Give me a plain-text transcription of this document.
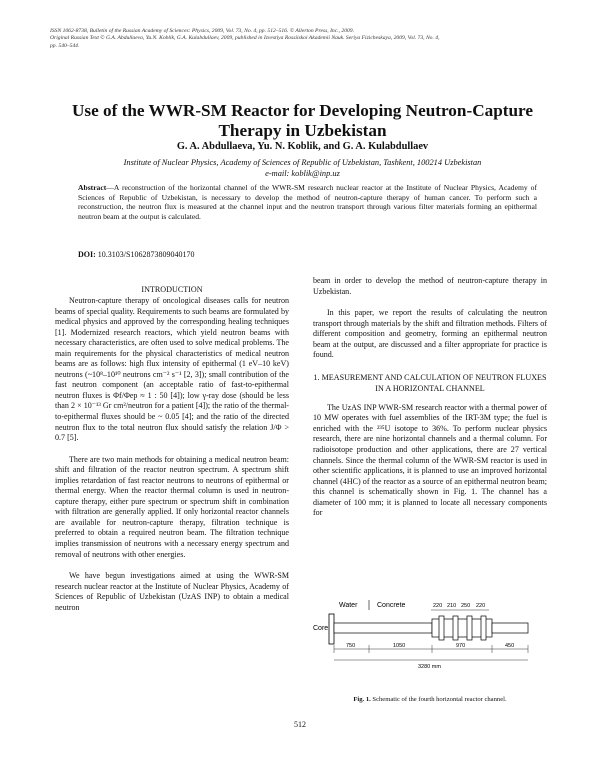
ISSN 1062-8738, Bulletin of the Russian Academy of Sciences: Physics, 2009, Vol. 73, No. 4, pp. 512–516. © Allerton Press, Inc., 2009.
Original Russian Text © G.A. Abdullaeva, Yu.N. Koblik, G.A. Kulabdullaev, 2009, published in Izvestiya Rossiiskoi Akademii Nauk. Seriya Fizicheskaya, 2009, Vol. 73, No. 4,
pp. 540–544.
Use of the WWR-SM Reactor for Developing Neutron-Capture
Therapy in Uzbekistan
G. A. Abdullaeva, Yu. N. Koblik, and G. A. Kulabdullaev
Institute of Nuclear Physics, Academy of Sciences of Republic of Uzbekistan, Tashkent, 100214 Uzbekistan
e-mail: koblik@inp.uz
Abstract—A reconstruction of the horizontal channel of the WWR-SM research nuclear reactor at the Institute of Nuclear Physics, Academy of Sciences of Republic of Uzbekistan, is necessary to develop the method of neutron-capture therapy of human cancer. To perform such a reconstruction, the neutron flux is measured at the channel input and the neutron transport through various filter materials forming an epithermal neutron beam at the output is calculated.
DOI: 10.3103/S1062873809040170
INTRODUCTION

Neutron-capture therapy of oncological diseases calls for neutron beams of special quality. Requirements to such beams are formulated by medical physics and approved by the corresponding healing techniques [1]. Modernized research reactors, which yield neutron beams with necessary characteristics, are often used to solve medical problems. The main requirements for the physical characteristics of medical neutron beams are as follows: high flux intensity of epithermal (1 eV–10 keV) neutrons (~10⁸–10¹⁰ neutrons cm⁻² s⁻¹ [2, 3]); small contribution of the fast neutron component (an acceptable ratio of fast-to-epithermal neutron fluxes is Φf/Φep ≈ 1 : 50 [4]); low γ-ray dose (should be less than 2 × 10⁻¹³ Gr cm²/neutron for a patient [4]); the ratio of the thermal-to-epithermal fluxes should be ~ 0.05 [4]; and the ratio of the directed neutron flux to the total neutron flux should satisfy the relation J/Φ > 0.7 [5].

There are two main methods for obtaining a medical neutron beam: shift and filtration of the reactor neutron spectrum. A spectrum shift implies retardation of fast reactor neutrons to neutrons of epithermal or thermal energy. When the reactor thermal column is used in neutron-capture therapy, either pure spectrum or spectrum shift in combination with filtration are generally applied. If only horizontal reactor channels are available for neutron-capture therapy, filtration technique is preferred to obtain a required neutron beam. The filtration technique implies transmission of neutrons with a necessary energy spectrum and removal of neutrons with other energies.

We have begun investigations aimed at using the WWR-SM research nuclear reactor at the Institute of Nuclear Physics, Academy of Sciences of Republic of Uzbekistan (UzAS INP) to obtain a medical neutron

beam in order to develop the method of neutron-capture therapy in Uzbekistan.

In this paper, we report the results of calculating the neutron transport through materials by the shift and filtration methods. Filters of different composition and geometry, forming an epithermal neutron beam at the output, are discussed and a filter appropriate for practice is found.

1. MEASUREMENT AND CALCULATION OF NEUTRON FLUXES IN A HORIZONTAL CHANNEL

The UzAS INP WWR-SM research reactor with a thermal power of 10 MW operates with fuel assemblies of the IRT-3M type; the fuel is enriched with the ²³⁵U isotope to 36%. To perform nuclear physics research, there are nine horizontal channels and a thermal column. For radioisotope production and other applications, there are 27 vertical channels. Since the thermal column of the WWR-SM reactor is used in other scientific applications, it is planned to use an improved horizontal channel (4HC) of the reactor as a source of an epithermal neutron beam; this channel is schematically shown in Fig. 1. The channel has a diameter of 100 mm; it is planned to locate all necessary components for

Water	Concrete	220 210 250 220
Core
750	1050	970	450
3280 mm
Fig. 1. Schematic of the fourth horizontal reactor channel.
512
